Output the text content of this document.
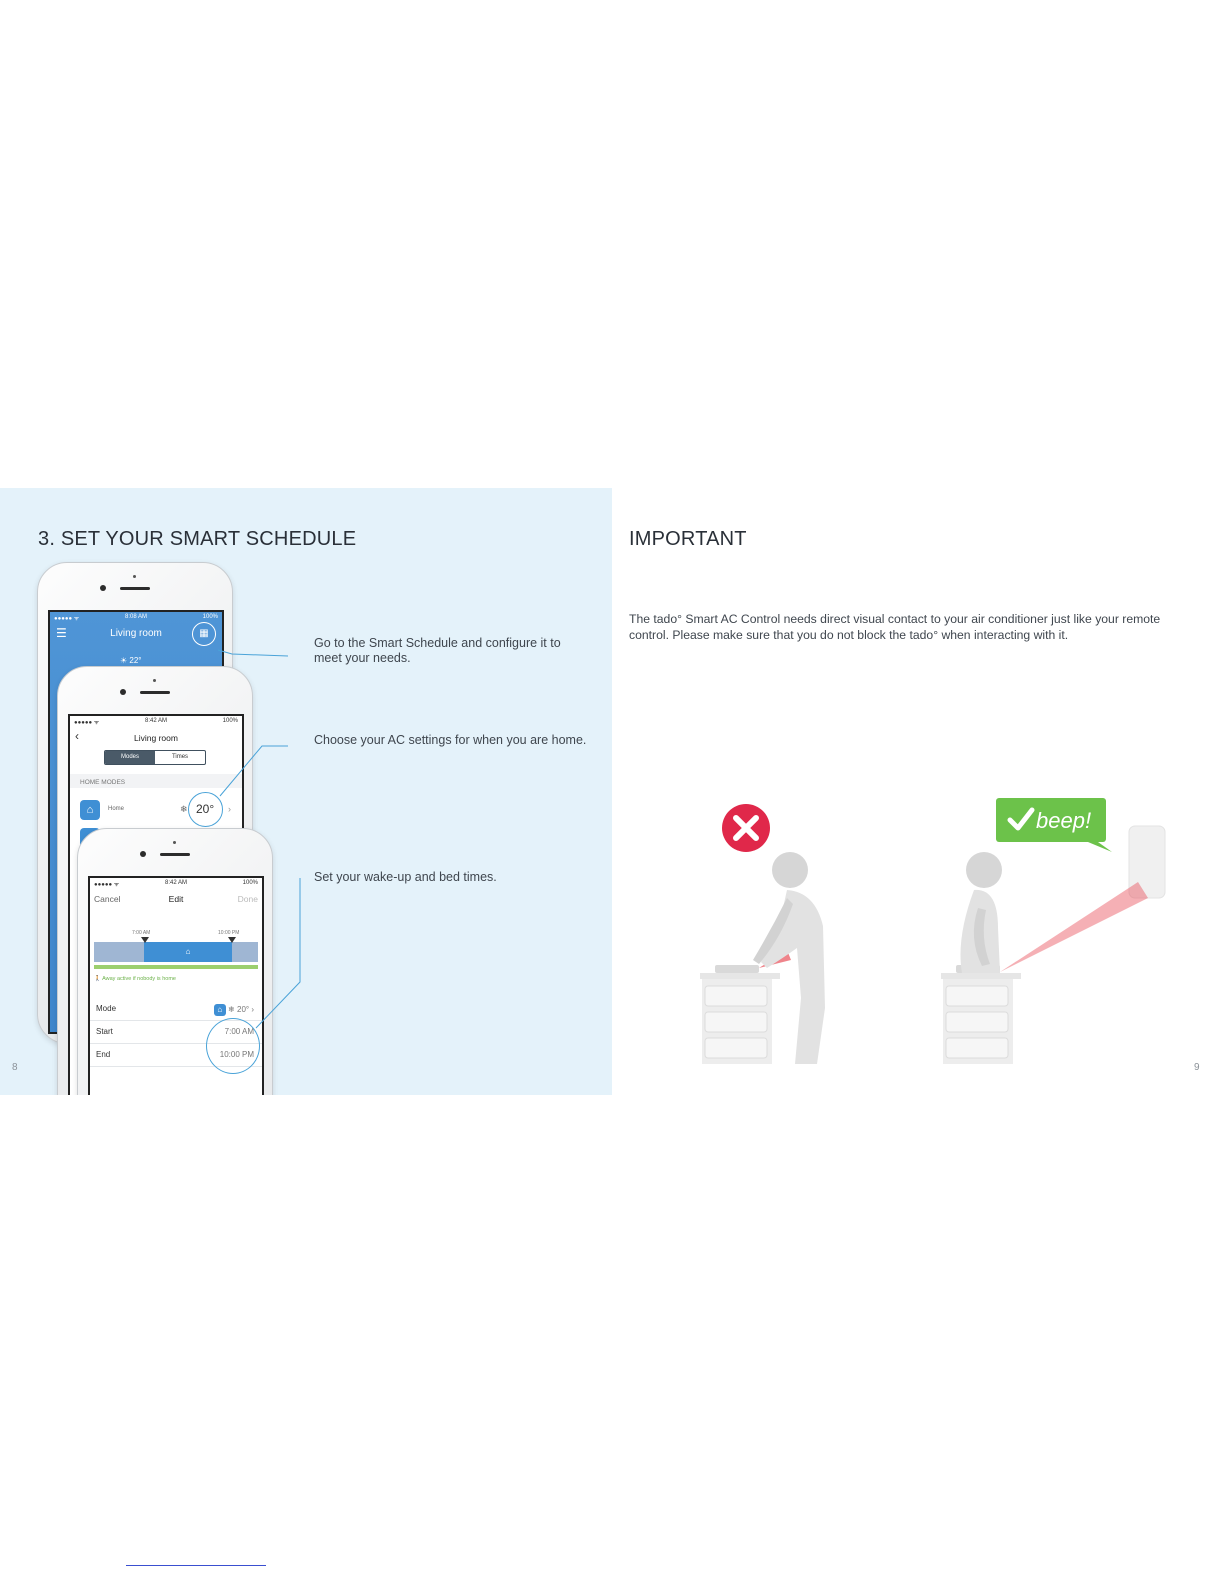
3. SET YOUR SMART SCHEDULE
●●●●● ᯤ	8:08 AM	100%
☰	Living room	▦
☀ 22°
●●●●● ᯤ	8:42 AM	100%
‹	Living room
Modes	Times
HOME MODES
⌂	Home	❄ 20° ›
●●●●● ᯤ	8:42 AM	100%
Cancel	Edit	Done
7:00 AM	10:00 PM
⌂
🚶 Away active if nobody is home
Mode	⌂ ❄ 20° ›
Start	7:00 AM
End	10:00 PM
Go to the Smart Schedule and configure it to meet your needs.
Choose your AC settings for when you are home.
Set your wake-up and bed times.
8
IMPORTANT
The tado° Smart AC Control needs direct visual contact to your air conditioner just like your remote control. Please make sure that you do not block the tado° when interacting with it.
beep!
9
